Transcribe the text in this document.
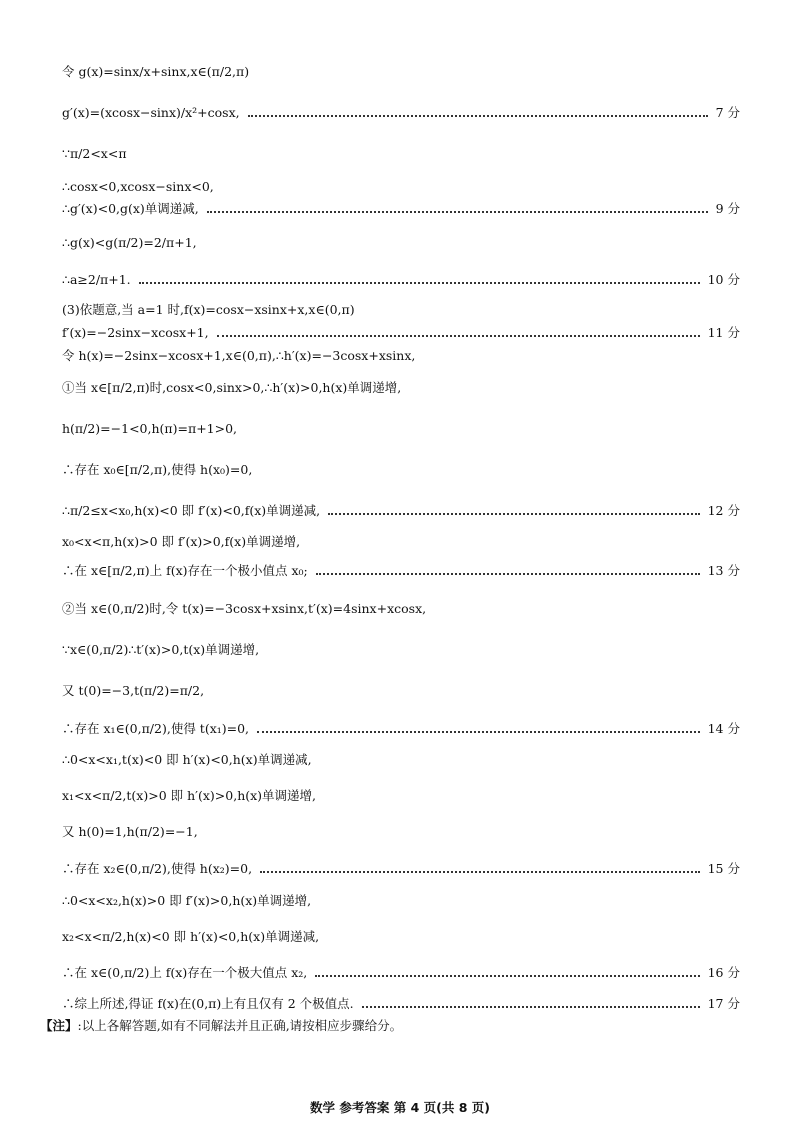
令 g(x)=sinx/x+sinx,x∈(π/2,π)
g′(x)=(xcosx−sinx)/x²+cosx,	7 分
∵π/2<x<π
∴cosx<0,xcosx−sinx<0,
∴g′(x)<0,g(x)单调递减,	9 分
∴g(x)<g(π/2)=2/π+1,
∴a≥2/π+1.	10 分
(3)依题意,当 a=1 时,f(x)=cosx−xsinx+x,x∈(0,π)
f′(x)=−2sinx−xcosx+1,	11 分
令 h(x)=−2sinx−xcosx+1,x∈(0,π),∴h′(x)=−3cosx+xsinx,
①当 x∈[π/2,π)时,cosx<0,sinx>0,∴h′(x)>0,h(x)单调递增,
h(π/2)=−1<0,h(π)=π+1>0,
∴存在 x₀∈[π/2,π),使得 h(x₀)=0,
∴π/2≤x<x₀,h(x)<0 即 f′(x)<0,f(x)单调递减,	12 分
x₀<x<π,h(x)>0 即 f′(x)>0,f(x)单调递增,
∴在 x∈[π/2,π)上 f(x)存在一个极小值点 x₀;	13 分
②当 x∈(0,π/2)时,令 t(x)=−3cosx+xsinx,t′(x)=4sinx+xcosx,
∵x∈(0,π/2)∴t′(x)>0,t(x)单调递增,
又 t(0)=−3,t(π/2)=π/2,
∴存在 x₁∈(0,π/2),使得 t(x₁)=0,	14 分
∴0<x<x₁,t(x)<0 即 h′(x)<0,h(x)单调递减,
x₁<x<π/2,t(x)>0 即 h′(x)>0,h(x)单调递增,
又 h(0)=1,h(π/2)=−1,
∴存在 x₂∈(0,π/2),使得 h(x₂)=0,	15 分
∴0<x<x₂,h(x)>0 即 f′(x)>0,h(x)单调递增,
x₂<x<π/2,h(x)<0 即 h′(x)<0,h(x)单调递减,
∴在 x∈(0,π/2)上 f(x)存在一个极大值点 x₂,	16 分
∴综上所述,得证 f(x)在(0,π)上有且仅有 2 个极值点.	17 分
【注】 :以上各解答题,如有不同解法并且正确,请按相应步骤给分。
数学 参考答案 第 4 页(共 8 页)
